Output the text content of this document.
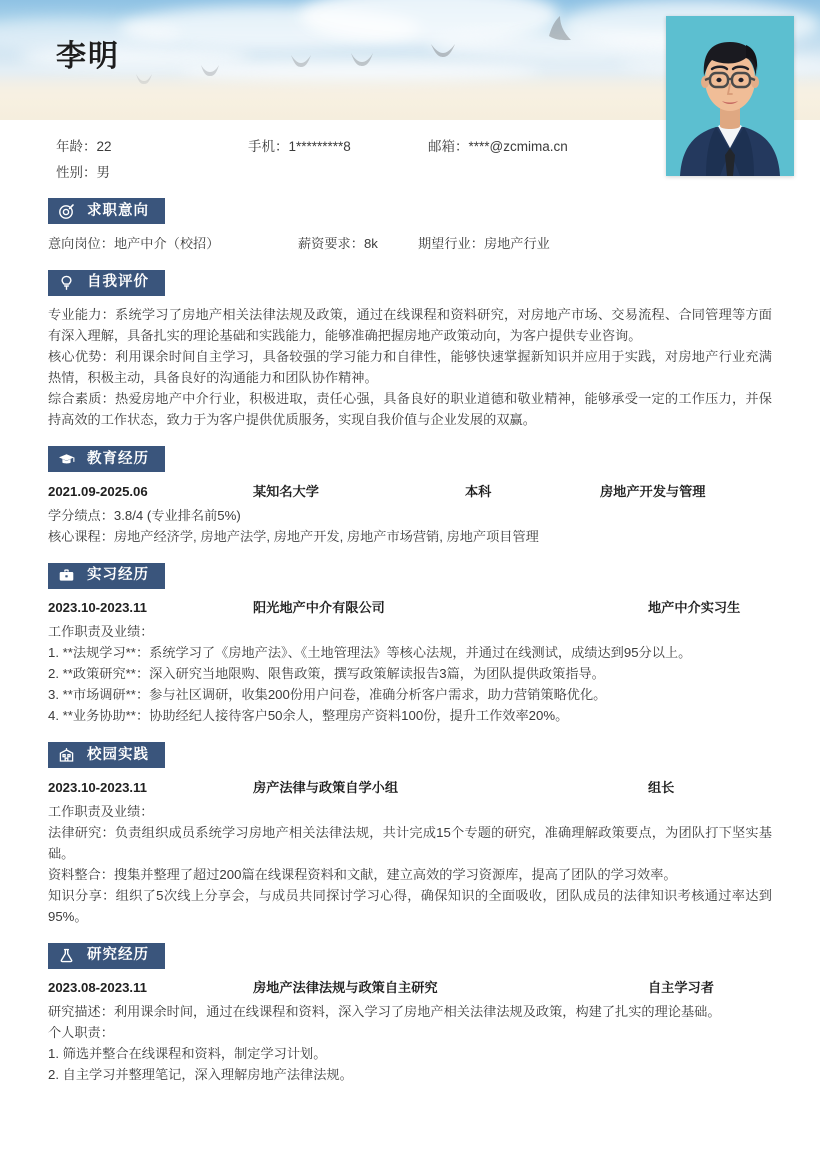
李明
年龄：22	手机：1*********8	邮箱：****@zcmima.cn
性别：男
求职意向
意向岗位：地产中介（校招）	薪资要求：8k	期望行业：房地产行业
自我评价

专业能力：系统学习了房地产相关法律法规及政策，通过在线课程和资料研究，对房地产市场、交易流程、合同管理等方面有深入理解，具备扎实的理论基础和实践能力，能够准确把握房地产政策动向，为客户提供专业咨询。

核心优势：利用课余时间自主学习，具备较强的学习能力和自律性，能够快速掌握新知识并应用于实践，对房地产行业充满热情，积极主动，具备良好的沟通能力和团队协作精神。

综合素质：热爱房地产中介行业，积极进取，责任心强，具备良好的职业道德和敬业精神，能够承受一定的工作压力，并保持高效的工作状态，致力于为客户提供优质服务，实现自我价值与企业发展的双赢。

教育经历
2021.09-2025.06	某知名大学	本科	房地产开发与管理

学分绩点：3.8/4 (专业排名前5%)

核心课程：房地产经济学, 房地产法学, 房地产开发, 房地产市场营销, 房地产项目管理

实习经历
2023.10-2023.11	阳光地产中介有限公司	地产中介实习生

工作职责及业绩：

1. **法规学习**：系统学习了《房地产法》、《土地管理法》等核心法规，并通过在线测试，成绩达到95分以上。

2. **政策研究**：深入研究当地限购、限售政策，撰写政策解读报告3篇，为团队提供政策指导。

3. **市场调研**：参与社区调研，收集200份用户问卷，准确分析客户需求，助力营销策略优化。

4. **业务协助**：协助经纪人接待客户50余人，整理房产资料100份，提升工作效率20%。

校园实践
2023.10-2023.11	房产法律与政策自学小组	组长

工作职责及业绩：

法律研究：负责组织成员系统学习房地产相关法律法规，共计完成15个专题的研究，准确理解政策要点，为团队打下坚实基础。

资料整合：搜集并整理了超过200篇在线课程资料和文献，建立高效的学习资源库，提高了团队的学习效率。

知识分享：组织了5次线上分享会，与成员共同探讨学习心得，确保知识的全面吸收，团队成员的法律知识考核通过率达到95%。

研究经历
2023.08-2023.11	房地产法律法规与政策自主研究	自主学习者

研究描述：利用课余时间，通过在线课程和资料，深入学习了房地产相关法律法规及政策，构建了扎实的理论基础。

个人职责：

1. 筛选并整合在线课程和资料，制定学习计划。

2. 自主学习并整理笔记，深入理解房地产法律法规。
